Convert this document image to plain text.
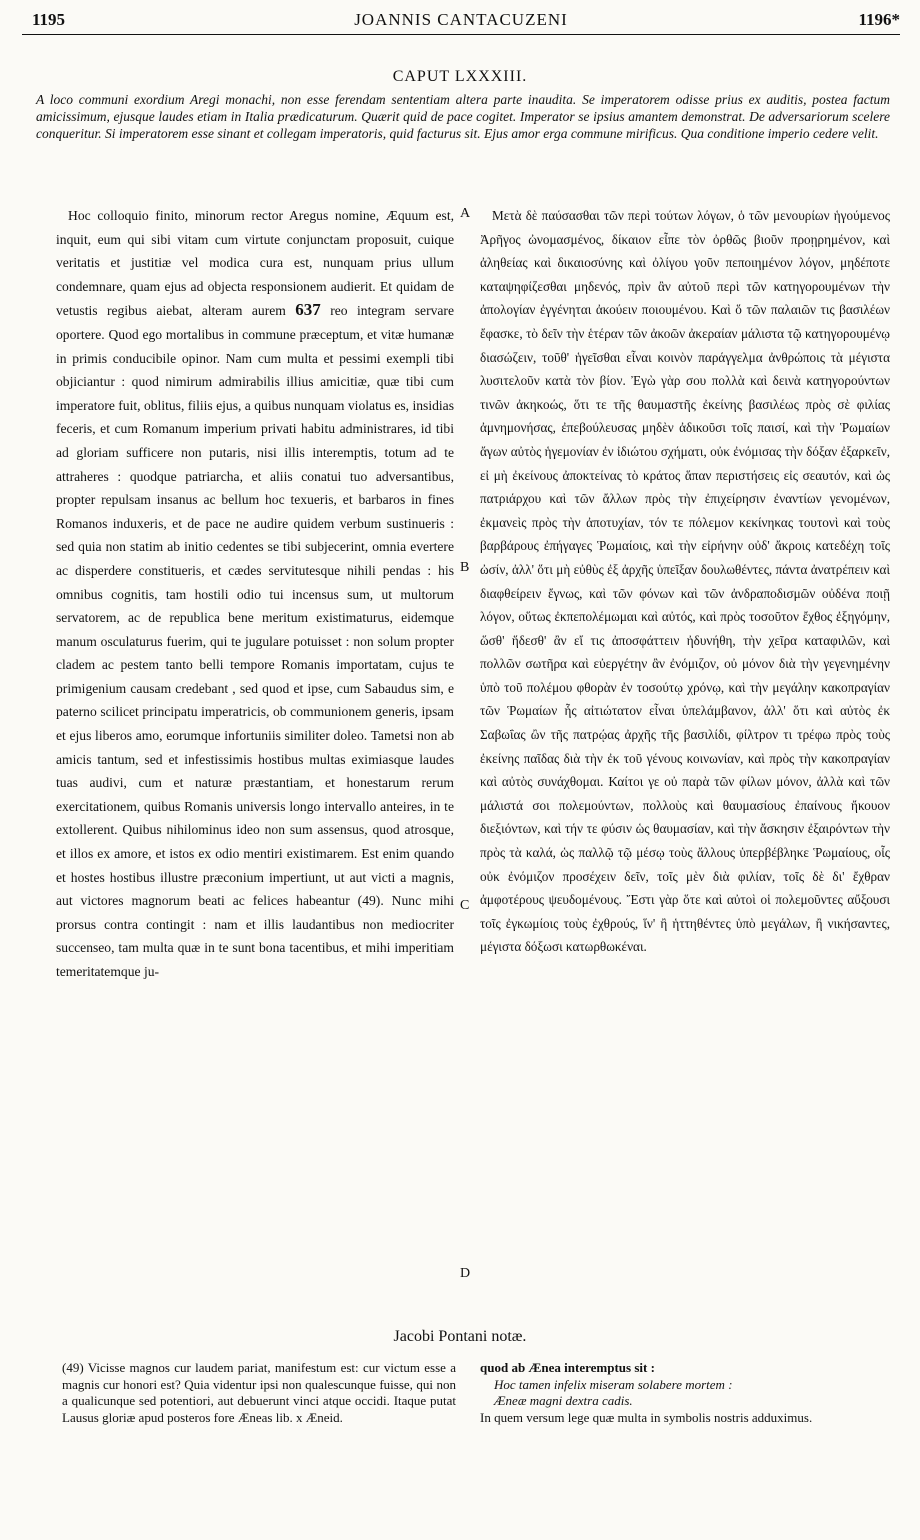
1195	JOANNIS CANTACUZENI	1196*
CAPUT LXXXIII.
A loco communi exordium Aregi monachi, non esse ferendam sententiam altera parte inaudita. Se imperatorem odisse prius ex auditis, postea factum amicissimum, ejusque laudes etiam in Italia prædicaturum. Quærit quid de pace cogitet. Imperator se ipsius amantem demonstrat. De adversariorum scelere conqueritur. Si imperatorem esse sinant et collegam imperatoris, quid facturus sit. Ejus amor erga commune mirificus. Qua conditione imperio cedere velit.
A
B
C
D

Hoc colloquio finito, minorum rector Aregus nomine, Æquum est, inquit, eum qui sibi vitam cum virtute conjunctam proposuit, cuique veritatis et justitiæ vel modica cura est, nunquam prius ullum condemnare, quam ejus ad objecta responsionem audierit. Et quidam de vetustis regibus aiebat, alteram aurem 637 reo integram servare oportere. Quod ego mortalibus in commune præceptum, et vitæ humanæ in primis conducibile opinor. Nam cum multa et pessimi exempli tibi objiciantur : quod nimirum admirabilis illius amicitiæ, quæ tibi cum imperatore fuit, oblitus, filiis ejus, a quibus nunquam violatus es, insidias feceris, et cum Romanum imperium privati habitu administrares, id tibi ad gloriam sufficere non putaris, nisi illis interemptis, totum ad te attraheres : quodque patriarcha, et aliis conatui tuo adversantibus, propter repulsam insanus ac bellum hoc texueris, et barbaros in fines Romanos induxeris, et de pace ne audire quidem verbum sustinueris : sed quia non statim ab initio cedentes se tibi subjecerint, omnia evertere ac disperdere constitueris, et cædes servitutesque nihili pendas : his omnibus cognitis, tam hostili odio tui incensus sum, ut multorum servatorem, ac de republica bene meritum existimaturus, eidemque manum osculaturus fuerim, qui te jugulare potuisset : non solum propter cladem ac pestem tanto belli tempore Romanis importatam, cujus te primigenium causam credebant , sed quod et ipse, cum Sabaudus sim, e paterno scilicet principatu imperatricis, ob communionem generis, ipsam et ejus liberos amo, eorumque infortuniis similiter doleo. Tametsi non ab amicis tantum, sed et infestissimis hostibus multas eximiasque laudes tuas audivi, cum et naturæ præstantiam, et honestarum rerum exercitationem, quibus Romanis universis longo intervallo anteires, in te extollerent. Quibus nihilominus ideo non sum assensus, quod atrosque, et illos ex amore, et istos ex odio mentiri existimarem. Est enim quando et hostes hostibus illustre præconium impertiunt, ut aut victi a magnis, aut victores magnorum beati ac felices habeantur (49). Nunc mihi prorsus contra contingit : nam et illis laudantibus non mediocriter succenseo, tam multa quæ in te sunt bona tacentibus, et mihi imperitiam temeritatemque ju-

Μετὰ δὲ παύσασθαι τῶν περὶ τούτων λόγων, ὁ τῶν μενουρίων ἡγούμενος Ἀρῆγος ὠνομασμένος, δίκαιον εἶπε τὸν ὀρθῶς βιοῦν προῃρημένον, καὶ ἀληθείας καὶ δικαιοσύνης καὶ ὀλίγου γοῦν πεποιημένον λόγον, μηδέποτε καταψηφίζεσθαι μηδενός, πρὶν ἂν αὐτοῦ περὶ τῶν κατηγορουμένων τὴν ἀπολογίαν ἐγγένηται ἀκούειν ποιουμένου. Καὶ ὅ τῶν παλαιῶν τις βασιλέων ἔφασκε, τὸ δεῖν τὴν ἑτέραν τῶν ἀκοῶν ἀκεραίαν μάλιστα τῷ κατηγορουμένῳ διασώζειν, τοῦθ' ἡγεῖσθαι εἶναι κοινὸν παράγγελμα ἀνθρώποις τὰ μέγιστα λυσιτελοῦν κατὰ τὸν βίον. Ἐγὼ γὰρ σου πολλὰ καὶ δεινὰ κατηγορούντων τινῶν ἀκηκοώς, ὅτι τε τῆς θαυμαστῆς ἐκείνης βασιλέως πρὸς σὲ φιλίας ἀμνημονήσας, ἐπεβούλευσας μηδὲν ἀδικοῦσι τοῖς παισί, καὶ τὴν Ῥωμαίων ἄγων αὐτὸς ἡγεμονίαν ἐν ἰδιώτου σχήματι, οὐκ ἐνόμισας τὴν δόξαν ἐξαρκεῖν, εἰ μὴ ἐκείνους ἀποκτείνας τὸ κράτος ἅπαν περιστήσεις εἰς σεαυτόν, καὶ ὡς πατριάρχου καὶ τῶν ἄλλων πρὸς τὴν ἐπιχείρησιν ἐναντίων γενομένων, ἐκμανεὶς πρὸς τὴν ἀποτυχίαν, τόν τε πόλεμον κεκίνηκας τουτονὶ καὶ τοὺς βαρβάρους ἐπήγαγες Ῥωμαίοις, καὶ τὴν εἰρήνην οὐδ' ἄκροις κατεδέχη τοῖς ὠσίν, ἀλλ' ὅτι μὴ εὐθὺς ἐξ ἀρχῆς ὑπεῖξαν δουλωθέντες, πάντα ἀνατρέπειν καὶ διαφθείρειν ἔγνως, καὶ τῶν φόνων καὶ τῶν ἀνδραποδισμῶν οὐδένα ποιῇ λόγον, οὕτως ἐκπεπολέμωμαι καὶ αὐτός, καὶ πρὸς τοσοῦτον ἔχθος ἐξηγόμην, ὥσθ' ἥδεσθ' ἂν εἴ τις ἀποσφάττειν ἠδυνήθη, τὴν χεῖρα καταφιλῶν, καὶ πολλῶν σωτῆρα καὶ εὐεργέτην ἂν ἐνόμιζον, οὐ μόνον διὰ τὴν γεγενημένην ὑπὸ τοῦ πολέμου φθορὰν ἐν τοσούτῳ χρόνῳ, καὶ τὴν μεγάλην κακοπραγίαν τῶν Ῥωμαίων ἧς αἰτιώτατον εἶναι ὑπελάμβανον, ἀλλ' ὅτι καὶ αὐτὸς ἐκ Σαβωΐας ὢν τῆς πατρῴας ἀρχῆς τῆς βασιλίδι, φίλτρον τι τρέφω πρὸς τοὺς ἐκείνης παῖδας διὰ τὴν ἐκ τοῦ γένους κοινωνίαν, καὶ πρὸς τὴν κακοπραγίαν καὶ αὐτὸς συνάχθομαι. Καίτοι γε οὐ παρὰ τῶν φίλων μόνον, ἀλλὰ καὶ τῶν μάλιστά σοι πολεμούντων, πολλοὺς καὶ θαυμασίους ἐπαίνους ἤκουον διεξιόντων, καὶ τήν τε φύσιν ὡς θαυμασίαν, καὶ τὴν ἄσκησιν ἐξαιρόντων τὴν πρὸς τὰ καλά, ὡς παλλῷ τῷ μέσῳ τοὺς ἄλλους ὑπερβέβληκε Ῥωμαίους, οἷς οὐκ ἐνόμιζον προσέχειν δεῖν, τοῖς μὲν διὰ φιλίαν, τοῖς δὲ δι' ἔχθραν ἀμφοτέρους ψευδομένους. Ἔστι γὰρ ὅτε καὶ αὐτοὶ οἱ πολεμοῦντες αὔξουσι τοῖς ἐγκωμίοις τοὺς ἐχθρούς, ἵν' ἢ ἡττηθέντες ὑπὸ μεγάλων, ἢ νικήσαντες, μέγιστα δόξωσι κατωρθωκέναι.

Jacobi Pontani notæ.

(49) Vicisse magnos cur laudem pariat, manifestum est: cur victum esse a magnis cur honori est? Quia videntur ipsi non qualescunque fuisse, qui non a qualicunque sed potentiori, aut debuerunt vinci atque occidi. Itaque putat Lausus gloriæ apud posteros fore Æneas lib. x Æneid.

quod ab Ænea interemptus sit :

Hoc tamen infelix miseram solabere mortem :
Æneæ magni dextra cadis.

In quem versum lege quæ multa in symbolis nostris adduximus.
